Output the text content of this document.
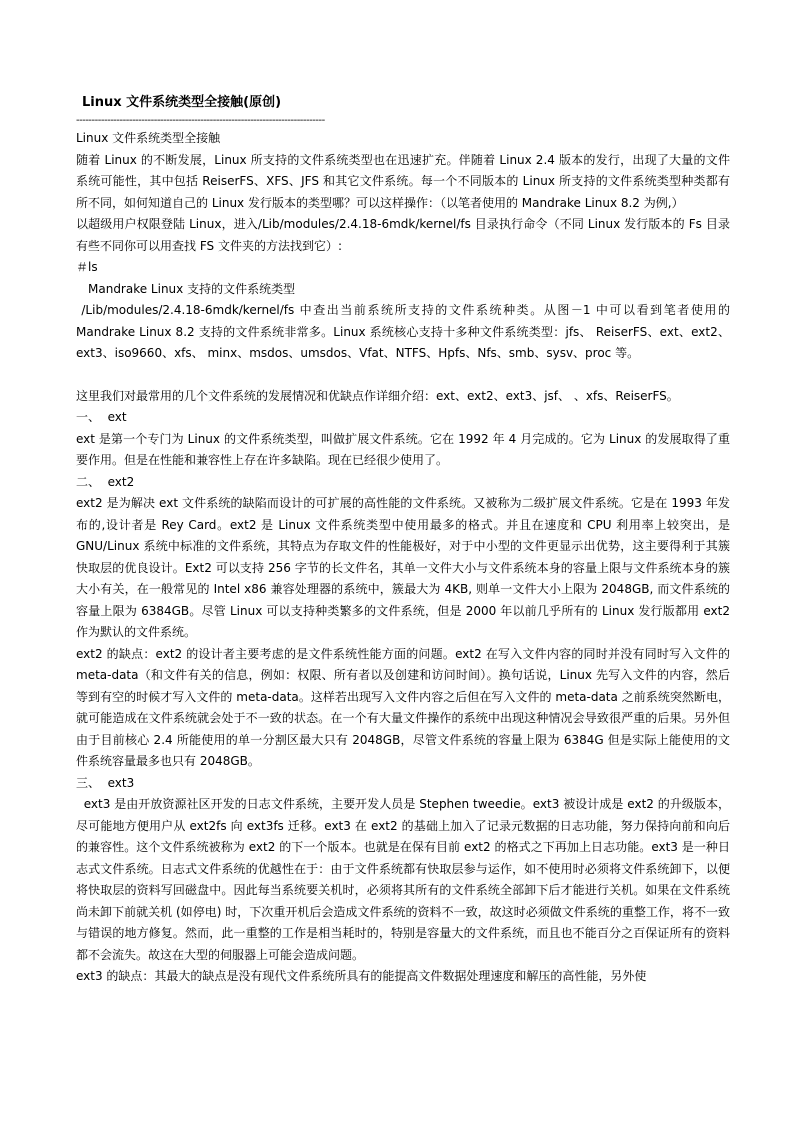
Linux 文件系统类型全接触(原创)
--------------------------------------------------------------------------------

Linux 文件系统类型全接触

随着 Linux 的不断发展，Linux 所支持的文件系统类型也在迅速扩充。伴随着 Linux 2.4 版本的发行，出现了大量的文件系统可能性，其中包括 ReiserFS、XFS、JFS 和其它文件系统。每一个不同版本的 Linux 所支持的文件系统类型种类都有所不同，如何知道自己的 Linux 发行版本的类型哪？可以这样操作：（以笔者使用的 Mandrake Linux 8.2 为例,）

以超级用户权限登陆 Linux，进入/Lib/modules/2.4.18-6mdk/kernel/fs 目录执行命令（不同 Linux 发行版本的 Fs 目录有些不同你可以用查找 FS 文件夹的方法找到它）:

＃ls

　Mandrake Linux 支持的文件系统类型

/Lib/modules/2.4.18-6mdk/kernel/fs 中查出当前系统所支持的文件系统种类。从图－1 中可以看到笔者使用的 Mandrake Linux 8.2 支持的文件系统非常多。Linux 系统核心支持十多种文件系统类型：jfs、 ReiserFS、ext、ext2、ext3、iso9660、xfs、 minx、msdos、umsdos、Vfat、NTFS、Hpfs、Nfs、smb、sysv、proc 等。

这里我们对最常用的几个文件系统的发展情况和优缺点作详细介绍：ext、ext2、ext3、jsf、 、xfs、ReiserFS。

一、  ext

ext 是第一个专门为 Linux 的文件系统类型，叫做扩展文件系统。它在 1992 年 4 月完成的。它为 Linux 的发展取得了重要作用。但是在性能和兼容性上存在许多缺陷。现在已经很少使用了。

二、  ext2

ext2 是为解决 ext 文件系统的缺陷而设计的可扩展的高性能的文件系统。又被称为二级扩展文件系统。它是在 1993 年发布的,设计者是 Rey Card。ext2 是 Linux 文件系统类型中使用最多的格式。并且在速度和 CPU 利用率上较突出，是 GNU/Linux 系统中标准的文件系统，其特点为存取文件的性能极好，对于中小型的文件更显示出优势，这主要得利于其簇快取层的优良设计。Ext2 可以支持 256 字节的长文件名，其单一文件大小与文件系统本身的容量上限与文件系统本身的簇大小有关，在一般常见的 Intel x86 兼容处理器的系统中，簇最大为 4KB, 则单一文件大小上限为 2048GB, 而文件系统的容量上限为 6384GB。尽管 Linux 可以支持种类繁多的文件系统，但是 2000 年以前几乎所有的 Linux 发行版都用 ext2 作为默认的文件系统。

ext2 的缺点：ext2 的设计者主要考虑的是文件系统性能方面的问题。ext2 在写入文件内容的同时并没有同时写入文件的 meta-data（和文件有关的信息，例如：权限、所有者以及创建和访问时间）。换句话说，Linux 先写入文件的内容，然后等到有空的时候才写入文件的 meta-data。这样若出现写入文件内容之后但在写入文件的 meta-data 之前系统突然断电，就可能造成在文件系统就会处于不一致的状态。在一个有大量文件操作的系统中出现这种情况会导致很严重的后果。另外但由于目前核心 2.4 所能使用的单一分割区最大只有 2048GB，尽管文件系统的容量上限为 6384G 但是实际上能使用的文件系统容量最多也只有 2048GB。

三、  ext3

ext3 是由开放资源社区开发的日志文件系统，主要开发人员是 Stephen tweedie。ext3 被设计成是 ext2 的升级版本，尽可能地方便用户从 ext2fs 向 ext3fs 迁移。ext3 在 ext2 的基础上加入了记录元数据的日志功能，努力保持向前和向后的兼容性。这个文件系统被称为 ext2 的下一个版本。也就是在保有目前 ext2 的格式之下再加上日志功能。ext3 是一种日志式文件系统。日志式文件系统的优越性在于：由于文件系统都有快取层参与运作，如不使用时必须将文件系统卸下，以便将快取层的资料写回磁盘中。因此每当系统要关机时，必须将其所有的文件系统全部卸下后才能进行关机。如果在文件系统尚未卸下前就关机 (如停电) 时，下次重开机后会造成文件系统的资料不一致，故这时必须做文件系统的重整工作，将不一致与错误的地方修复。然而，此一重整的工作是相当耗时的，特别是容量大的文件系统，而且也不能百分之百保证所有的资料都不会流失。故这在大型的伺服器上可能会造成问题。

ext3 的缺点：其最大的缺点是没有现代文件系统所具有的能提高文件数据处理速度和解压的高性能，另外使
